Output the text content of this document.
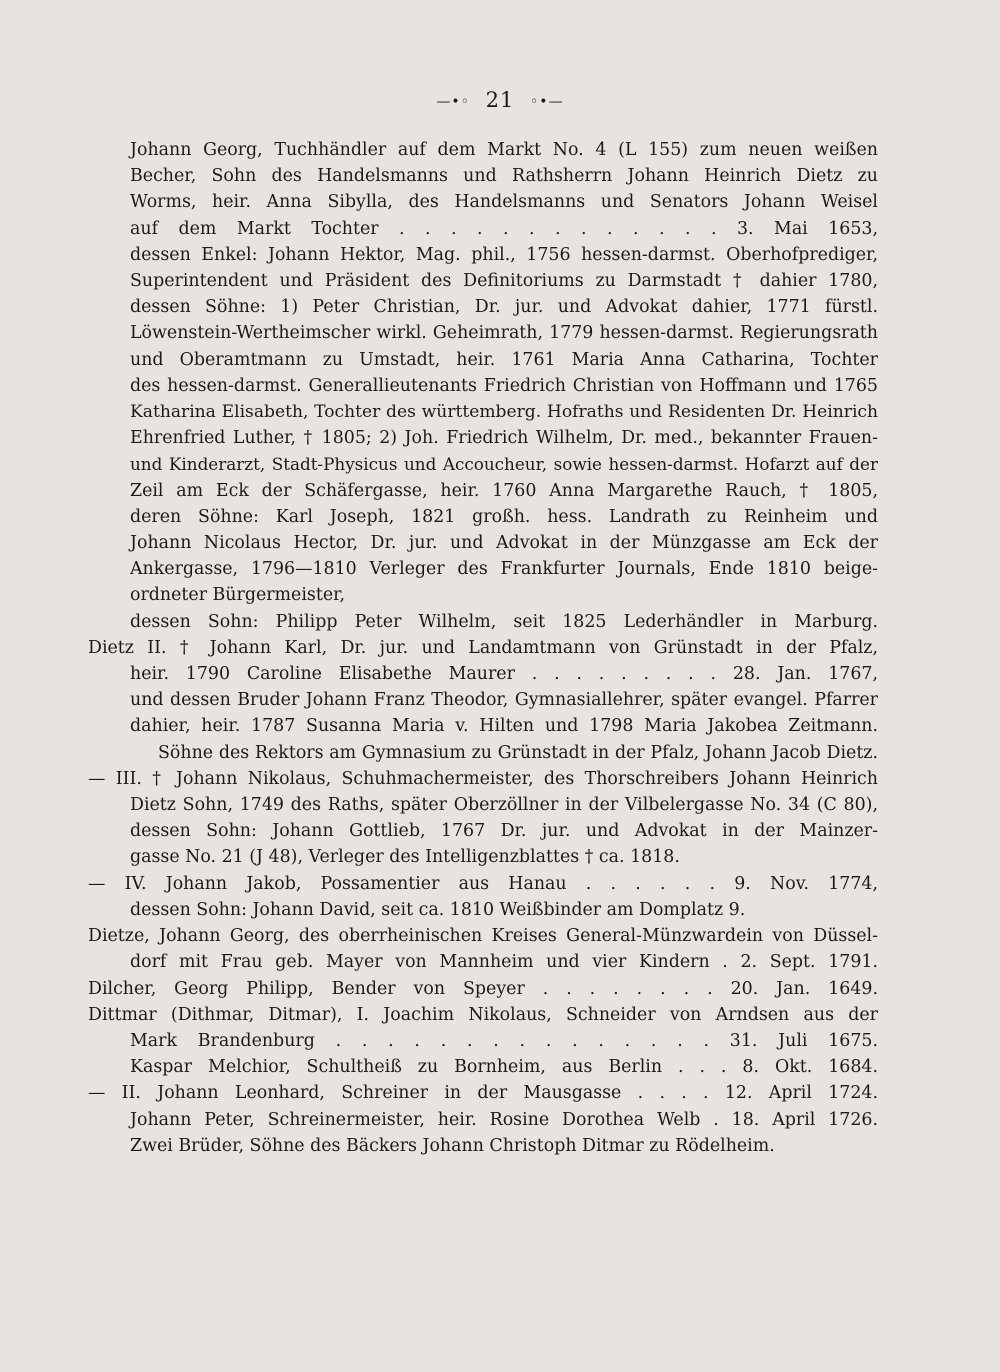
—•◦ 21 ◦•—
Johann Georg, Tuchhändler auf dem Markt No. 4 (L 155) zum neuen weißen
Becher, Sohn des Handelsmanns und Rathsherrn Johann Heinrich Dietz zu
Worms, heir. Anna Sibylla, des Handelsmanns und Senators Johann Weisel
auf dem Markt Tochter . . . . . . . . . . . . . 3. Mai 1653,
dessen Enkel: Johann Hektor, Mag. phil., 1756 hessen-darmst. Oberhofprediger,
Superintendent und Präsident des Definitoriums zu Darmstadt † dahier 1780,
dessen Söhne: 1) Peter Christian, Dr. jur. und Advokat dahier, 1771 fürstl.
Löwenstein-Wertheimscher wirkl. Geheimrath, 1779 hessen-darmst. Regierungsrath
und Oberamtmann zu Umstadt, heir. 1761 Maria Anna Catharina, Tochter
des hessen-darmst. Generallieutenants Friedrich Christian von Hoffmann und 1765
Katharina Elisabeth, Tochter des württemberg. Hofraths und Residenten Dr. Heinrich
Ehrenfried Luther, † 1805; 2) Joh. Friedrich Wilhelm, Dr. med., bekannter Frauen-
und Kinderarzt, Stadt-Physicus und Accoucheur, sowie hessen-darmst. Hofarzt auf der
Zeil am Eck der Schäfergasse, heir. 1760 Anna Margarethe Rauch, † 1805,
deren Söhne: Karl Joseph, 1821 großh. hess. Landrath zu Reinheim und
Johann Nicolaus Hector, Dr. jur. und Advokat in der Münzgasse am Eck der
Ankergasse, 1796—1810 Verleger des Frankfurter Journals, Ende 1810 beige-
ordneter Bürgermeister,
dessen Sohn: Philipp Peter Wilhelm, seit 1825 Lederhändler in Marburg.
Dietz II. † Johann Karl, Dr. jur. und Landamtmann von Grünstadt in der Pfalz,
heir. 1790 Caroline Elisabethe Maurer . . . . . . . . . 28. Jan. 1767,
und dessen Bruder Johann Franz Theodor, Gymnasiallehrer, später evangel. Pfarrer
dahier, heir. 1787 Susanna Maria v. Hilten und 1798 Maria Jakobea Zeitmann.
Söhne des Rektors am Gymnasium zu Grünstadt in der Pfalz, Johann Jacob Dietz.
— III. † Johann Nikolaus, Schuhmachermeister, des Thorschreibers Johann Heinrich
Dietz Sohn, 1749 des Raths, später Oberzöllner in der Vilbelergasse No. 34 (C 80),
dessen Sohn: Johann Gottlieb, 1767 Dr. jur. und Advokat in der Mainzer-
gasse No. 21 (J 48), Verleger des Intelligenzblattes † ca. 1818.
— IV. Johann Jakob, Possamentier aus Hanau . . . . . . 9. Nov. 1774,
dessen Sohn: Johann David, seit ca. 1810 Weißbinder am Domplatz 9.
Dietze, Johann Georg, des oberrheinischen Kreises General-Münzwardein von Düssel-
dorf mit Frau geb. Mayer von Mannheim und vier Kindern . 2. Sept. 1791.
Dilcher, Georg Philipp, Bender von Speyer . . . . . . . . 20. Jan. 1649.
Dittmar (Dithmar, Ditmar), I. Joachim Nikolaus, Schneider von Arndsen aus der
Mark Brandenburg . . . . . . . . . . . . . . . 31. Juli 1675.
Kaspar Melchior, Schultheiß zu Bornheim, aus Berlin . . . 8. Okt. 1684.
— II. Johann Leonhard, Schreiner in der Mausgasse . . . . 12. April 1724.
Johann Peter, Schreinermeister, heir. Rosine Dorothea Welb . 18. April 1726.
Zwei Brüder, Söhne des Bäckers Johann Christoph Ditmar zu Rödelheim.
